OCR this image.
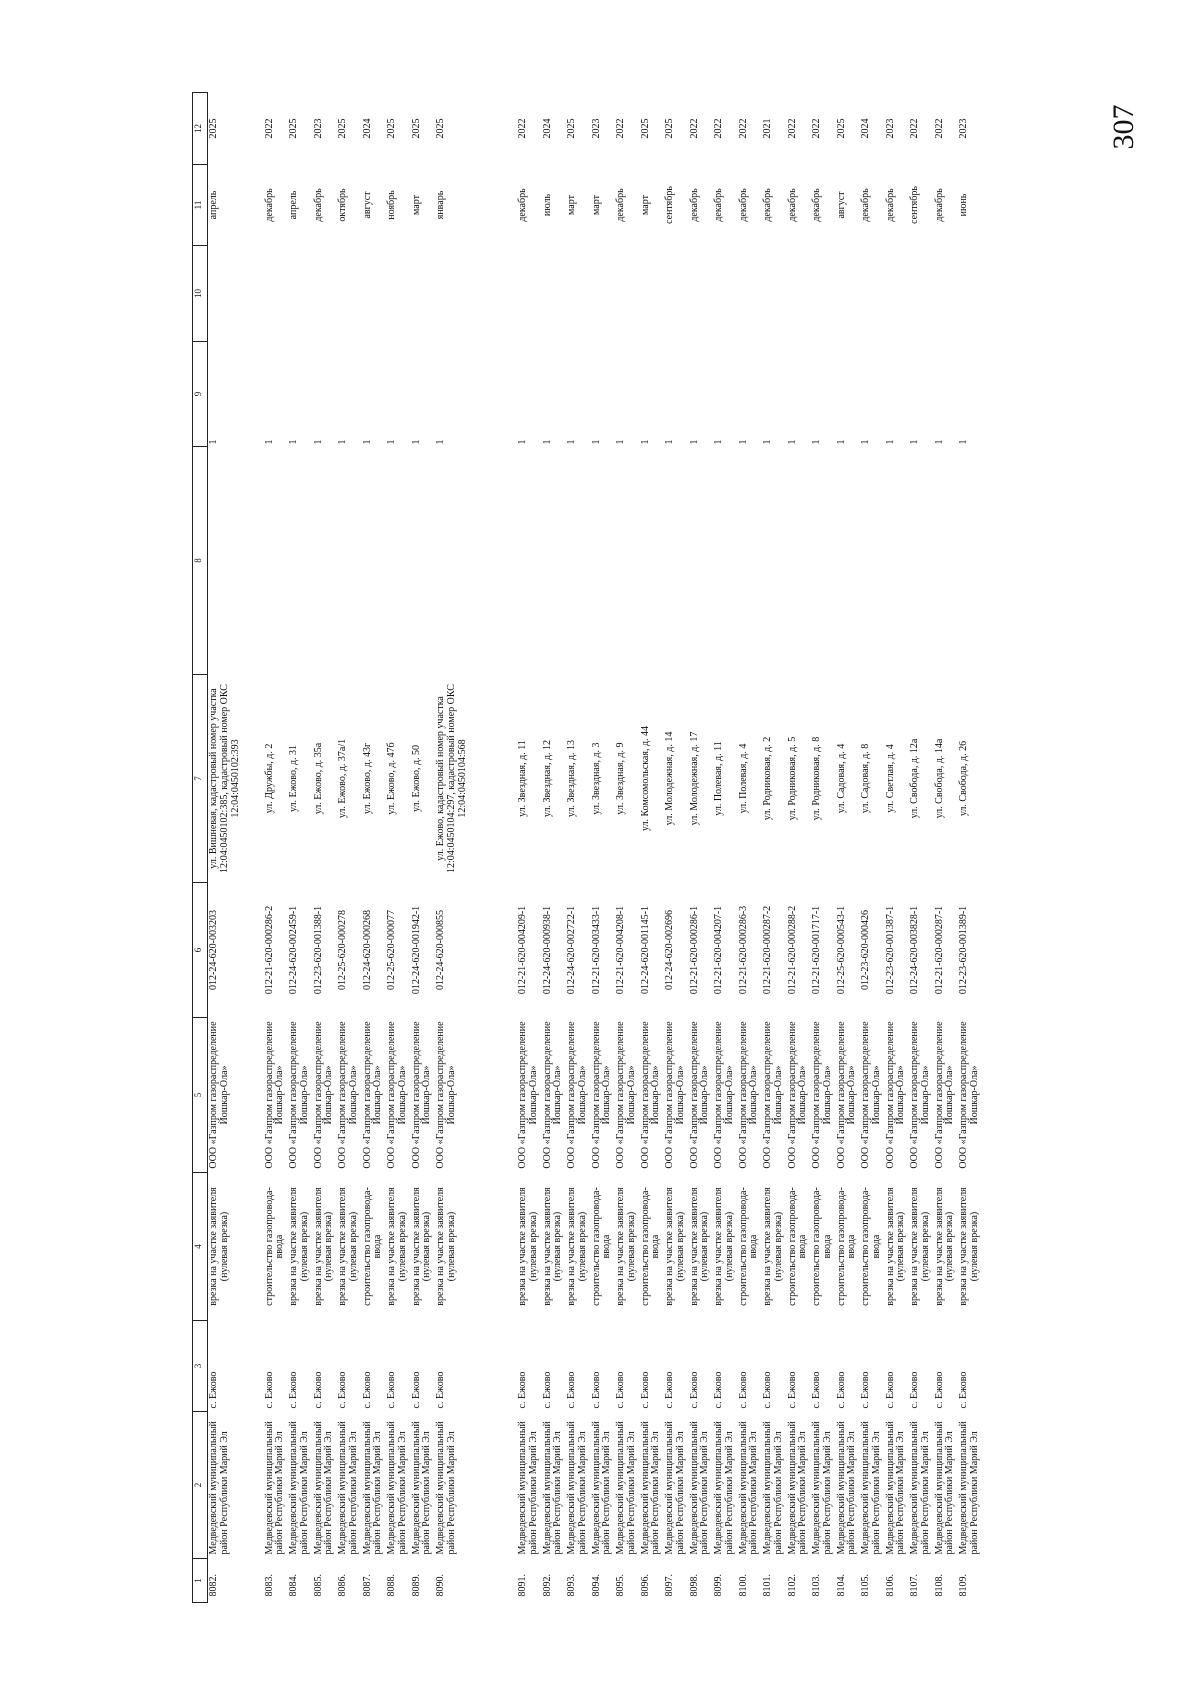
307
1	2	3	4	5	6	7	8	9	10	11	12
8082.	Медведевский муниципальный район Республики Марий Эл	с. Ежово	врезка на участке заявителя (нулевая врезка)	ООО «Газпром газораспределение Йошкар-Ола»	012-24-620-003203	ул. Вишневая, кадастровый номер участка 12:04:0450102:385, кадастровый номер ОКС 12:04:0450102:393		1		апрель	2025
8083.	Медведевский муниципальный район Республики Марий Эл	с. Ежово	строительство газопровода-ввода	ООО «Газпром газораспределение Йошкар-Ола»	012-21-620-000286-2	ул. Дружбы, д. 2		1		декабрь	2022
8084.	Медведевский муниципальный район Республики Марий Эл	с. Ежово	врезка на участке заявителя (нулевая врезка)	ООО «Газпром газораспределение Йошкар-Ола»	012-24-620-002459-1	ул. Ежово, д. 31		1		апрель	2025
8085.	Медведевский муниципальный район Республики Марий Эл	с. Ежово	врезка на участке заявителя (нулевая врезка)	ООО «Газпром газораспределение Йошкар-Ола»	012-23-620-001388-1	ул. Ежово, д. 35а		1		декабрь	2023
8086.	Медведевский муниципальный район Республики Марий Эл	с. Ежово	врезка на участке заявителя (нулевая врезка)	ООО «Газпром газораспределение Йошкар-Ола»	012-25-620-000278	ул. Ежово, д. 37а/1		1		октябрь	2025
8087.	Медведевский муниципальный район Республики Марий Эл	с. Ежово	строительство газопровода-ввода	ООО «Газпром газораспределение Йошкар-Ола»	012-24-620-000268	ул. Ежово, д. 43г		1		август	2024
8088.	Медведевский муниципальный район Республики Марий Эл	с. Ежово	врезка на участке заявителя (нулевая врезка)	ООО «Газпром газораспределение Йошкар-Ола»	012-25-620-000077	ул. Ежово, д. 47б		1		ноябрь	2025
8089.	Медведевский муниципальный район Республики Марий Эл	с. Ежово	врезка на участке заявителя (нулевая врезка)	ООО «Газпром газораспределение Йошкар-Ола»	012-24-620-001942-1	ул. Ежово, д. 50		1		март	2025
8090.	Медведевский муниципальный район Республики Марий Эл	с. Ежово	врезка на участке заявителя (нулевая врезка)	ООО «Газпром газораспределение Йошкар-Ола»	012-24-620-000855	ул. Ежово, кадастровый номер участка 12:04:0450104:297, кадастровый номер ОКС 12:04:0450104:568		1		январь	2025

8091.	Медведевский муниципальный район Республики Марий Эл	с. Ежово	врезка на участке заявителя (нулевая врезка)	ООО «Газпром газораспределение Йошкар-Ола»	012-21-620-004209-1	ул. Звездная, д. 11		1		декабрь	2022
8092.	Медведевский муниципальный район Республики Марий Эл	с. Ежово	врезка на участке заявителя (нулевая врезка)	ООО «Газпром газораспределение Йошкар-Ола»	012-24-620-000938-1	ул. Звездная, д. 12		1		июль	2024
8093.	Медведевский муниципальный район Республики Марий Эл	с. Ежово	врезка на участке заявителя (нулевая врезка)	ООО «Газпром газораспределение Йошкар-Ола»	012-24-620-002722-1	ул. Звездная, д. 13		1		март	2025
8094.	Медведевский муниципальный район Республики Марий Эл	с. Ежово	строительство газопровода-ввода	ООО «Газпром газораспределение Йошкар-Ола»	012-21-620-003433-1	ул. Звездная, д. 3		1		март	2023
8095.	Медведевский муниципальный район Республики Марий Эл	с. Ежово	врезка на участке заявителя (нулевая врезка)	ООО «Газпром газораспределение Йошкар-Ола»	012-21-620-004208-1	ул. Звездная, д. 9		1		декабрь	2022
8096.	Медведевский муниципальный район Республики Марий Эл	с. Ежово	строительство газопровода-ввода	ООО «Газпром газораспределение Йошкар-Ола»	012-24-620-001145-1	ул. Комсомольская, д. 44		1		март	2025
8097.	Медведевский муниципальный район Республики Марий Эл	с. Ежово	врезка на участке заявителя (нулевая врезка)	ООО «Газпром газораспределение Йошкар-Ола»	012-24-620-002696	ул. Молодежная, д. 14		1		сентябрь	2025
8098.	Медведевский муниципальный район Республики Марий Эл	с. Ежово	врезка на участке заявителя (нулевая врезка)	ООО «Газпром газораспределение Йошкар-Ола»	012-21-620-000286-1	ул. Молодежная, д. 17		1		декабрь	2022
8099.	Медведевский муниципальный район Республики Марий Эл	с. Ежово	врезка на участке заявителя (нулевая врезка)	ООО «Газпром газораспределение Йошкар-Ола»	012-21-620-004207-1	ул. Полевая, д. 11		1		декабрь	2022
8100.	Медведевский муниципальный район Республики Марий Эл	с. Ежово	строительство газопровода-ввода	ООО «Газпром газораспределение Йошкар-Ола»	012-21-620-000286-3	ул. Полевая, д. 4		1		декабрь	2022
8101.	Медведевский муниципальный район Республики Марий Эл	с. Ежово	врезка на участке заявителя (нулевая врезка)	ООО «Газпром газораспределение Йошкар-Ола»	012-21-620-000287-2	ул. Родниковая, д. 2		1		декабрь	2021
8102.	Медведевский муниципальный район Республики Марий Эл	с. Ежово	строительство газопровода-ввода	ООО «Газпром газораспределение Йошкар-Ола»	012-21-620-000288-2	ул. Родниковая, д. 5		1		декабрь	2022
8103.	Медведевский муниципальный район Республики Марий Эл	с. Ежово	строительство газопровода-ввода	ООО «Газпром газораспределение Йошкар-Ола»	012-21-620-001717-1	ул. Родниковая, д. 8		1		декабрь	2022
8104.	Медведевский муниципальный район Республики Марий Эл	с. Ежово	строительство газопровода-ввода	ООО «Газпром газораспределение Йошкар-Ола»	012-25-620-000543-1	ул. Садовая, д. 4		1		август	2025
8105.	Медведевский муниципальный район Республики Марий Эл	с. Ежово	строительство газопровода-ввода	ООО «Газпром газораспределение Йошкар-Ола»	012-23-620-000426	ул. Садовая, д. 8		1		декабрь	2024
8106.	Медведевский муниципальный район Республики Марий Эл	с. Ежово	врезка на участке заявителя (нулевая врезка)	ООО «Газпром газораспределение Йошкар-Ола»	012-23-620-001387-1	ул. Светлая, д. 4		1		декабрь	2023
8107.	Медведевский муниципальный район Республики Марий Эл	с. Ежово	врезка на участке заявителя (нулевая врезка)	ООО «Газпром газораспределение Йошкар-Ола»	012-24-620-003828-1	ул. Свобода, д. 12а		1		сентябрь	2022
8108.	Медведевский муниципальный район Республики Марий Эл	с. Ежово	врезка на участке заявителя (нулевая врезка)	ООО «Газпром газораспределение Йошкар-Ола»	012-21-620-000287-1	ул. Свобода, д. 14а		1		декабрь	2022
8109.	Медведевский муниципальный район Республики Марий Эл	с. Ежово	врезка на участке заявителя (нулевая врезка)	ООО «Газпром газораспределение Йошкар-Ола»	012-23-620-001389-1	ул. Свобода, д. 26		1		июнь	2023
